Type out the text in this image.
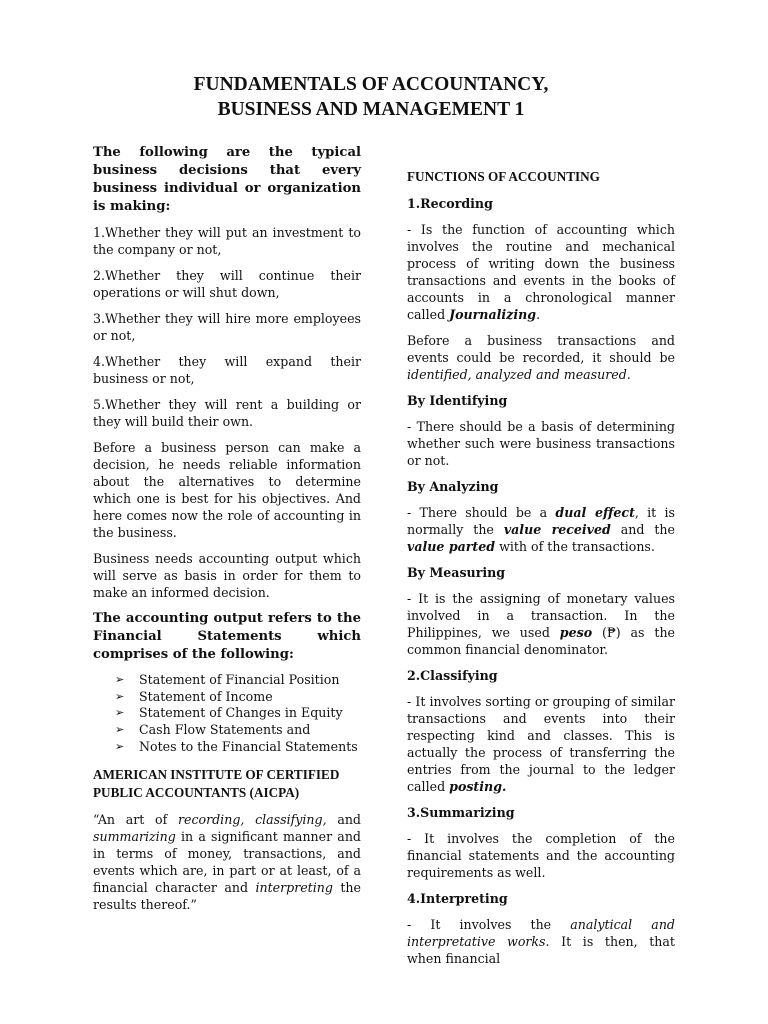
FUNDAMENTALS OF ACCOUNTANCY,
BUSINESS AND MANAGEMENT 1

The following are the typical business decisions that every business individual or organization is making:

1.Whether they will put an investment to the company or not,

2.Whether they will continue their operations or will shut down,

3.Whether they will hire more employees or not,

4.Whether they will expand their business or not,

5.Whether they will rent a building or they will build their own.

Before a business person can make a decision, he needs reliable information about the alternatives to determine which one is best for his objectives. And here comes now the role of accounting in the business.

Business needs accounting output which will serve as basis in order for them to make an informed decision.

The accounting output refers to the Financial Statements which comprises of the following:

➢	Statement of Financial Position
➢	Statement of Income
➢	Statement of Changes in Equity
➢	Cash Flow Statements and
➢	Notes to the Financial Statements
AMERICAN INSTITUTE OF CERTIFIED PUBLIC ACCOUNTANTS (AICPA)

“An art of recording, classifying, and summarizing in a significant manner and in terms of money, transactions, and events which are, in part or at least, of a financial character and interpreting the results thereof.”

FUNCTIONS OF ACCOUNTING
1.Recording

- Is the function of accounting which involves the routine and mechanical process of writing down the business transactions and events in the books of accounts in a chronological manner called Journalizing.

Before a business transactions and events could be recorded, it should be identified, analyzed and measured.

By Identifying

- There should be a basis of determining whether such were business transactions or not.

By Analyzing

- There should be a dual effect, it is normally the value received and the value parted with of the transactions.

By Measuring

- It is the assigning of monetary values involved in a transaction. In the Philippines, we used peso (₱) as the common financial denominator.

2.Classifying

- It involves sorting or grouping of similar transactions and events into their respecting kind and classes. This is actually the process of transferring the entries from the journal to the ledger called posting.

3.Summarizing

- It involves the completion of the financial statements and the accounting requirements as well.

4.Interpreting

- It involves the analytical and interpretative works. It is then, that when financial
